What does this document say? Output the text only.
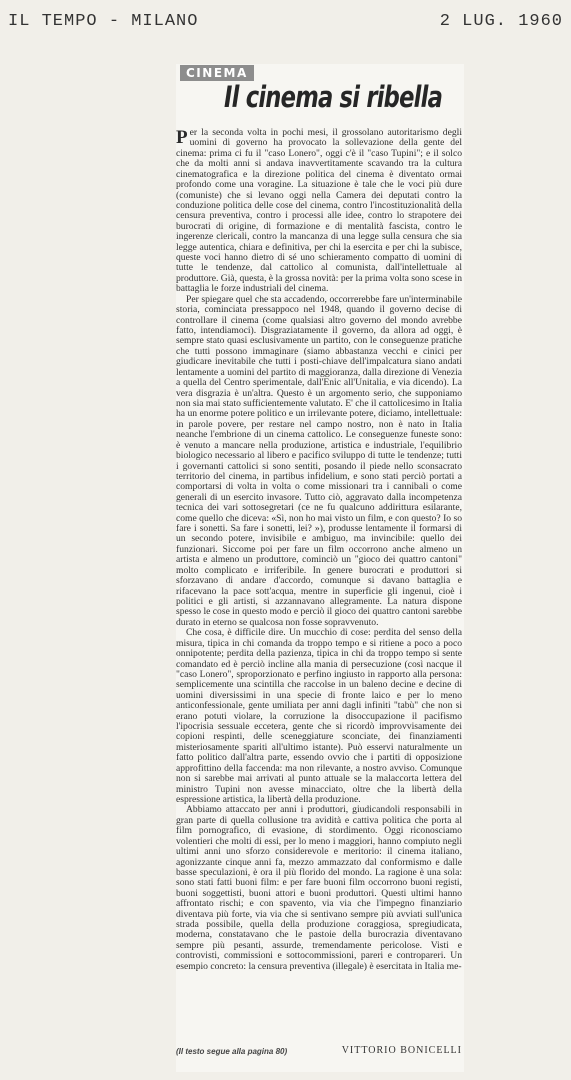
IL TEMPO - MILANO	2 LUG. 1960
CINEMA
Il cinema si ribella

Per la seconda volta in pochi mesi, il grossolano autoritarismo degli uomini di governo ha provocato la sollevazione della gente del cinema: prima ci fu il "caso Lonero", oggi c'è il "caso Tupini"; e il solco che da molti anni si andava inavvertitamente scavando tra la cultura cinematografica e la direzione politica del cinema è diventato ormai profondo come una voragine. La situazione è tale che le voci più dure (comuniste) che si levano oggi nella Camera dei deputati contro la conduzione politica delle cose del cinema, contro l'incostituzionalità della censura preventiva, contro i processi alle idee, contro lo strapotere dei burocrati di origine, di formazione e di mentalità fascista, contro le ingerenze clericali, contro la mancanza di una legge sulla censura che sia legge autentica, chiara e definitiva, per chi la esercita e per chi la subisce, queste voci hanno dietro di sé uno schieramento compatto di uomini di tutte le tendenze, dal cattolico al comunista, dall'intellettuale al produttore. Già, questa, è la grossa novità: per la prima volta sono scese in battaglia le forze industriali del cinema.

Per spiegare quel che sta accadendo, occorrerebbe fare un'interminabile storia, cominciata pressappoco nel 1948, quando il governo decise di controllare il cinema (come qualsiasi altro governo del mondo avrebbe fatto, intendiamoci). Disgraziatamente il governo, da allora ad oggi, è sempre stato quasi esclusivamente un partito, con le conseguenze pratiche che tutti possono immaginare (siamo abbastanza vecchi e cinici per giudicare inevitabile che tutti i posti-chiave dell'impalcatura siano andati lentamente a uomini del partito di maggioranza, dalla direzione di Venezia a quella del Centro sperimentale, dall'Enic all'Unitalia, e via dicendo). La vera disgrazia è un'altra. Questo è un argomento serio, che supponiamo non sia mai stato sufficientemente valutato. E' che il cattolicesimo in Italia ha un enorme potere politico e un irrilevante potere, diciamo, intellettuale: in parole povere, per restare nel campo nostro, non è nato in Italia neanche l'embrione di un cinema cattolico. Le conseguenze funeste sono: è venuto a mancare nella produzione, artistica e industriale, l'equilibrio biologico necessario al libero e pacifico sviluppo di tutte le tendenze; tutti i governanti cattolici si sono sentiti, posando il piede nello sconsacrato territorio del cinema, in partibus infidelium, e sono stati perciò portati a comportarsi di volta in volta o come missionari tra i cannibali o come generali di un esercito invasore. Tutto ciò, aggravato dalla incompetenza tecnica dei vari sottosegretari (ce ne fu qualcuno addirittura esilarante, come quello che diceva: «Sì, non ho mai visto un film, e con questo? Io so fare i sonetti. Sa fare i sonetti, lei? »), produsse lentamente il formarsi di un secondo potere, invisibile e ambiguo, ma invincibile: quello dei funzionari. Siccome poi per fare un film occorrono anche almeno un artista e almeno un produttore, cominciò un "gioco dei quattro cantoni" molto complicato e irriferibile. In genere burocrati e produttori si sforzavano di andare d'accordo, comunque si davano battaglia e rifacevano la pace sott'acqua, mentre in superficie gli ingenui, cioè i politici e gli artisti, si azzannavano allegramente. La natura dispone spesso le cose in questo modo e perciò il gioco dei quattro cantoni sarebbe durato in eterno se qualcosa non fosse sopravvenuto.

Che cosa, è difficile dire. Un mucchio di cose: perdita del senso della misura, tipica in chi comanda da troppo tempo e si ritiene a poco a poco onnipotente; perdita della pazienza, tipica in chi da troppo tempo si sente comandato ed è perciò incline alla mania di persecuzione (così nacque il "caso Lonero", sproporzionato e perfino ingiusto in rapporto alla persona: semplicemente una scintilla che raccolse in un baleno decine e decine di uomini diversissimi in una specie di fronte laico e per lo meno anticonfessionale, gente umiliata per anni dagli infiniti "tabù" che non si erano potuti violare, la corruzione la disoccupazione il pacifismo l'ipocrisia sessuale eccetera, gente che si ricordò improvvisamente dei copioni respinti, delle sceneggiature sconciate, dei finanziamenti misteriosamente spariti all'ultimo istante). Può esservi naturalmente un fatto politico dall'altra parte, essendo ovvio che i partiti di opposizione approfittino della faccenda: ma non rilevante, a nostro avviso. Comunque non si sarebbe mai arrivati al punto attuale se la malaccorta lettera del ministro Tupini non avesse minacciato, oltre che la libertà della espressione artistica, la libertà della produzione.

Abbiamo attaccato per anni i produttori, giudicandoli responsabili in gran parte di quella collusione tra avidità e cattiva politica che porta al film pornografico, di evasione, di stordimento. Oggi riconosciamo volentieri che molti di essi, per lo meno i maggiori, hanno compiuto negli ultimi anni uno sforzo considerevole e meritorio: il cinema italiano, agonizzante cinque anni fa, mezzo ammazzato dal conformismo e dalle basse speculazioni, è ora il più florido del mondo. La ragione è una sola: sono stati fatti buoni film: e per fare buoni film occorrono buoni registi, buoni soggettisti, buoni attori e buoni produttori. Questi ultimi hanno affrontato rischi; e con spavento, via via che l'impegno finanziario diventava più forte, via via che si sentivano sempre più avviati sull'unica strada possibile, quella della produzione coraggiosa, spregiudicata, moderna, constatavano che le pastoie della burocrazia diventavano sempre più pesanti, assurde, tremendamente pericolose. Visti e controvisti, commissioni e sottocommissioni, pareri e contropareri. Un esempio concreto: la censura preventiva (illegale) è esercitata in Italia me-

(Il testo segue alla pagina 80)	VITTORIO BONICELLI
